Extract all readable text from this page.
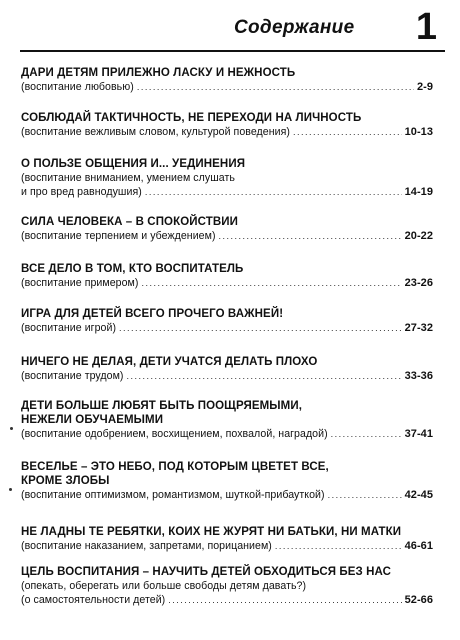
Содержание 1
ДАРИ ДЕТЯМ ПРИЛЕЖНО ЛАСКУ И НЕЖНОСТЬ
(воспитание любовью) .....	2-9
СОБЛЮДАЙ ТАКТИЧНОСТЬ, НЕ ПЕРЕХОДИ НА ЛИЧНОСТЬ
(воспитание вежливым словом, культурой поведения) .....	10-13
О ПОЛЬЗЕ ОБЩЕНИЯ И... УЕДИНЕНИЯ
(воспитание вниманием, умением слушать
и про вред равнодушия) .....	14-19
СИЛА ЧЕЛОВЕКА – В СПОКОЙСТВИИ
(воспитание терпением и убеждением) .....	20-22
ВСЕ ДЕЛО В ТОМ, КТО ВОСПИТАТЕЛЬ
(воспитание примером) .....	23-26
ИГРА ДЛЯ ДЕТЕЙ ВСЕГО ПРОЧЕГО ВАЖНЕЙ!
(воспитание игрой) .....	27-32
НИЧЕГО НЕ ДЕЛАЯ, ДЕТИ УЧАТСЯ ДЕЛАТЬ ПЛОХО
(воспитание трудом) .....	33-36
ДЕТИ БОЛЬШЕ ЛЮБЯТ БЫТЬ ПООЩРЯЕМЫМИ,
НЕЖЕЛИ ОБУЧАЕМЫМИ
(воспитание одобрением, восхищением, похвалой, наградой) .....	37-41
ВЕСЕЛЬЕ – ЭТО НЕБО, ПОД КОТОРЫМ ЦВЕТЕТ ВСЕ,
КРОМЕ ЗЛОБЫ
(воспитание оптимизмом, романтизмом, шуткой-прибауткой) .....	42-45
НЕ ЛАДНЫ ТЕ РЕБЯТКИ, КОИХ НЕ ЖУРЯТ НИ БАТЬКИ, НИ МАТКИ
(воспитание наказанием, запретами, порицанием) .....	46-61
ЦЕЛЬ ВОСПИТАНИЯ – НАУЧИТЬ ДЕТЕЙ ОБХОДИТЬСЯ БЕЗ НАС
(опекать, оберегать или больше свободы детям давать?)
(о самостоятельности детей) .....	52-66
